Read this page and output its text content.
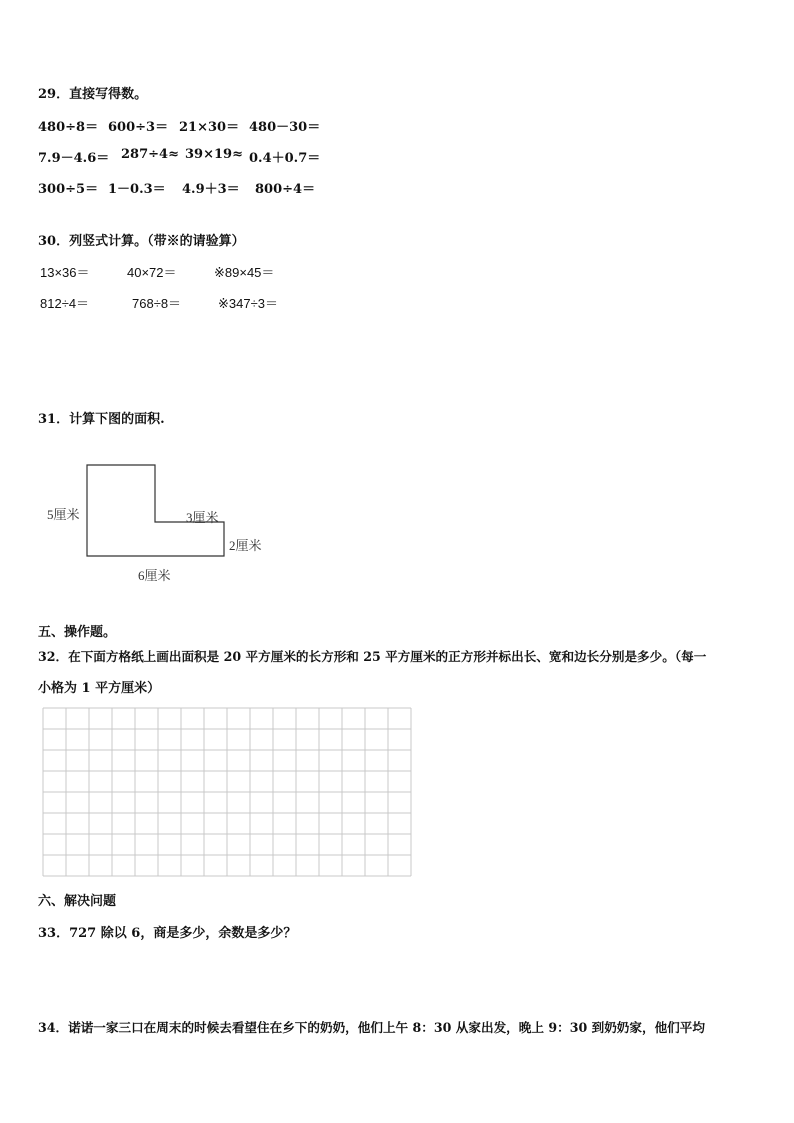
29．直接写得数。
480÷8＝ 600÷3＝ 21×30＝ 480－30＝
7.9－4.6＝ 287÷4≈ 39×19≈ 0.4＋0.7＝
300÷5＝ 1－0.3＝ 4.9＋3＝ 800÷4＝
30．列竖式计算。（带※的请验算）
13×36＝	40×72＝	※89×45＝
812÷4＝	768÷8＝	※347÷3＝
31．计算下图的面积.
5厘米	3厘米
2厘米
6厘米
五、操作题。
32．在下面方格纸上画出面积是 20 平方厘米的长方形和 25 平方厘米的正方形并标出长、宽和边长分别是多少。（每一
小格为 1 平方厘米）
六、解决问题
33．727 除以 6，商是多少，余数是多少？
34．诺诺一家三口在周末的时候去看望住在乡下的奶奶，他们上午 8：30 从家出发，晚上 9：30 到奶奶家，他们平均
